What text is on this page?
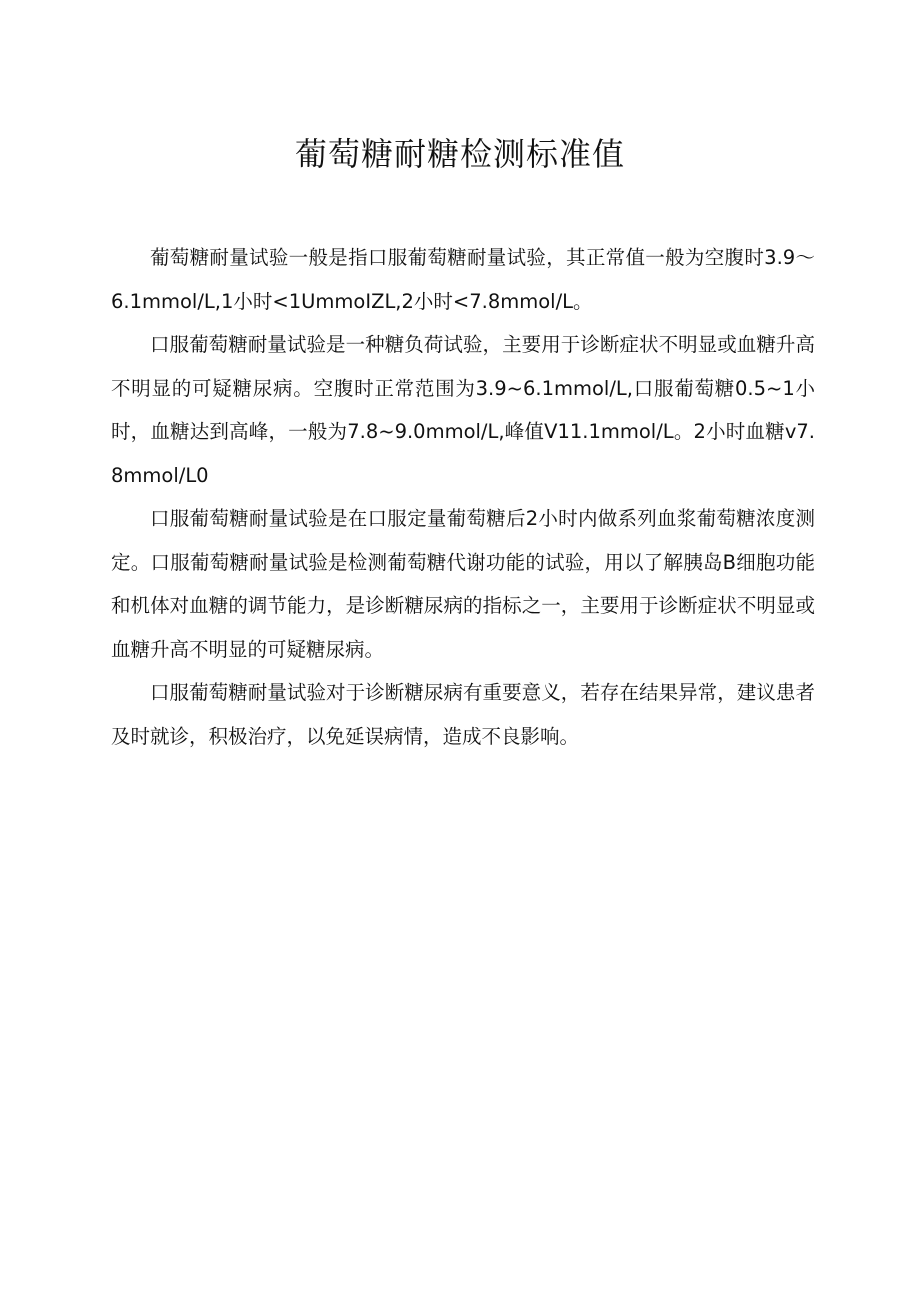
葡萄糖耐糖检测标准值

葡萄糖耐量试验一般是指口服葡萄糖耐量试验，其正常值一般为空腹时3.9～6.1mmol/L,1小时<1UmmoIZL,2小时<7.8mmol/L。

口服葡萄糖耐量试验是一种糖负荷试验，主要用于诊断症状不明显或血糖升高不明显的可疑糖尿病。空腹时正常范围为3.9~6.1mmol/L,口服葡萄糖0.5~1小时，血糖达到高峰，一般为7.8~9.0mmol/L,峰值V11.1mmol/L。2小时血糖v7.8mmol/L0

口服葡萄糖耐量试验是在口服定量葡萄糖后2小时内做系列血浆葡萄糖浓度测定。口服葡萄糖耐量试验是检测葡萄糖代谢功能的试验，用以了解胰岛B细胞功能和机体对血糖的调节能力，是诊断糖尿病的指标之一，主要用于诊断症状不明显或血糖升高不明显的可疑糖尿病。

口服葡萄糖耐量试验对于诊断糖尿病有重要意义，若存在结果异常，建议患者及时就诊，积极治疗，以免延误病情，造成不良影响。
